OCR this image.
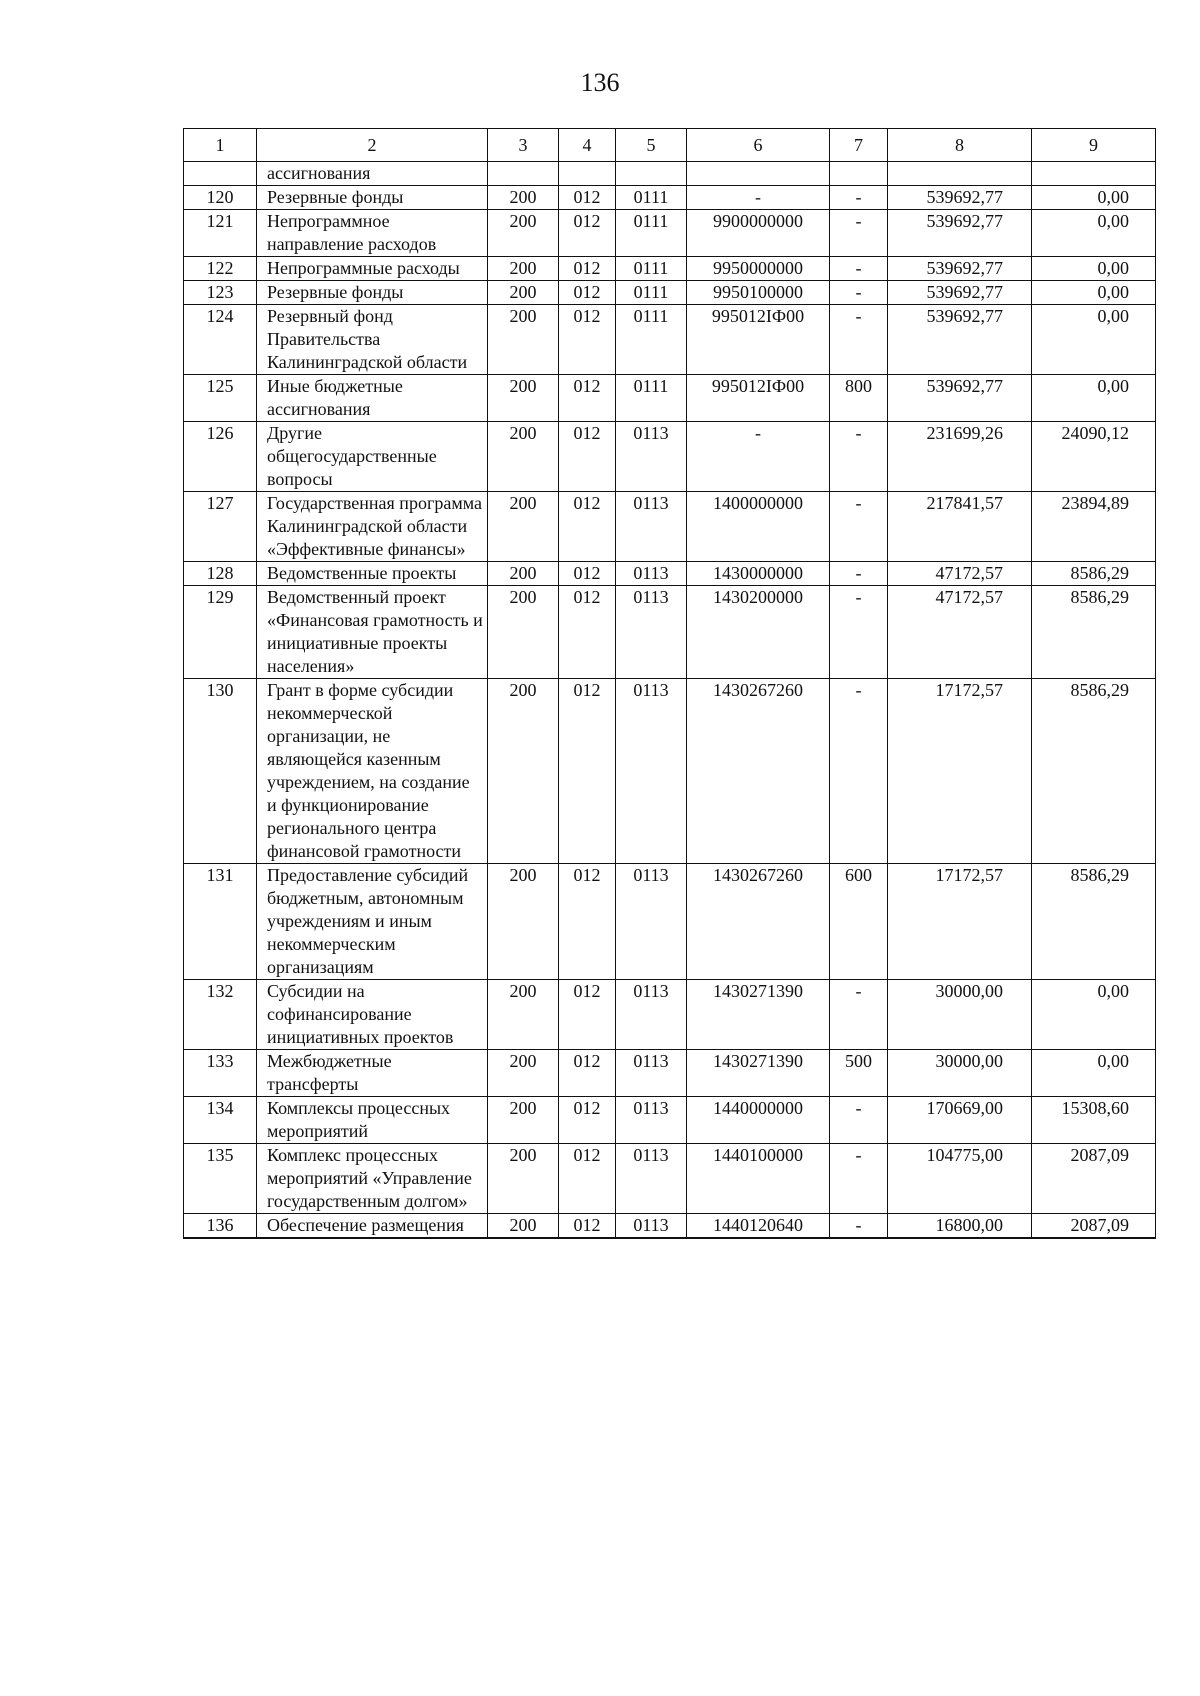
136
1	2	3	4	5	6	7	8	9
	ассигнования							
120	Резервные фонды	200	012	0111	-	-	539692,77	0,00
121	Непрограммное направление расходов	200	012	0111	9900000000	-	539692,77	0,00
122	Непрограммные расходы	200	012	0111	9950000000	-	539692,77	0,00
123	Резервные фонды	200	012	0111	9950100000	-	539692,77	0,00
124	Резервный фонд Правительства Калининградской области	200	012	0111	995012IФ00	-	539692,77	0,00
125	Иные бюджетные ассигнования	200	012	0111	995012IФ00	800	539692,77	0,00
126	Другие общегосударственные вопросы	200	012	0113	-	-	231699,26	24090,12
127	Государственная программа Калининградской области «Эффективные финансы»	200	012	0113	1400000000	-	217841,57	23894,89
128	Ведомственные проекты	200	012	0113	1430000000	-	47172,57	8586,29
129	Ведомственный проект «Финансовая грамотность и инициативные проекты населения»	200	012	0113	1430200000	-	47172,57	8586,29
130	Грант в форме субсидии некоммерческой организации, не являющейся казенным учреждением, на создание и функционирование регионального центра финансовой грамотности	200	012	0113	1430267260	-	17172,57	8586,29
131	Предоставление субсидий бюджетным, автономным учреждениям и иным некоммерческим организациям	200	012	0113	1430267260	600	17172,57	8586,29
132	Субсидии на софинансирование инициативных проектов	200	012	0113	1430271390	-	30000,00	0,00
133	Межбюджетные трансферты	200	012	0113	1430271390	500	30000,00	0,00
134	Комплексы процессных мероприятий	200	012	0113	1440000000	-	170669,00	15308,60
135	Комплекс процессных мероприятий «Управление государственным долгом»	200	012	0113	1440100000	-	104775,00	2087,09
136	Обеспечение размещения	200	012	0113	1440120640	-	16800,00	2087,09
